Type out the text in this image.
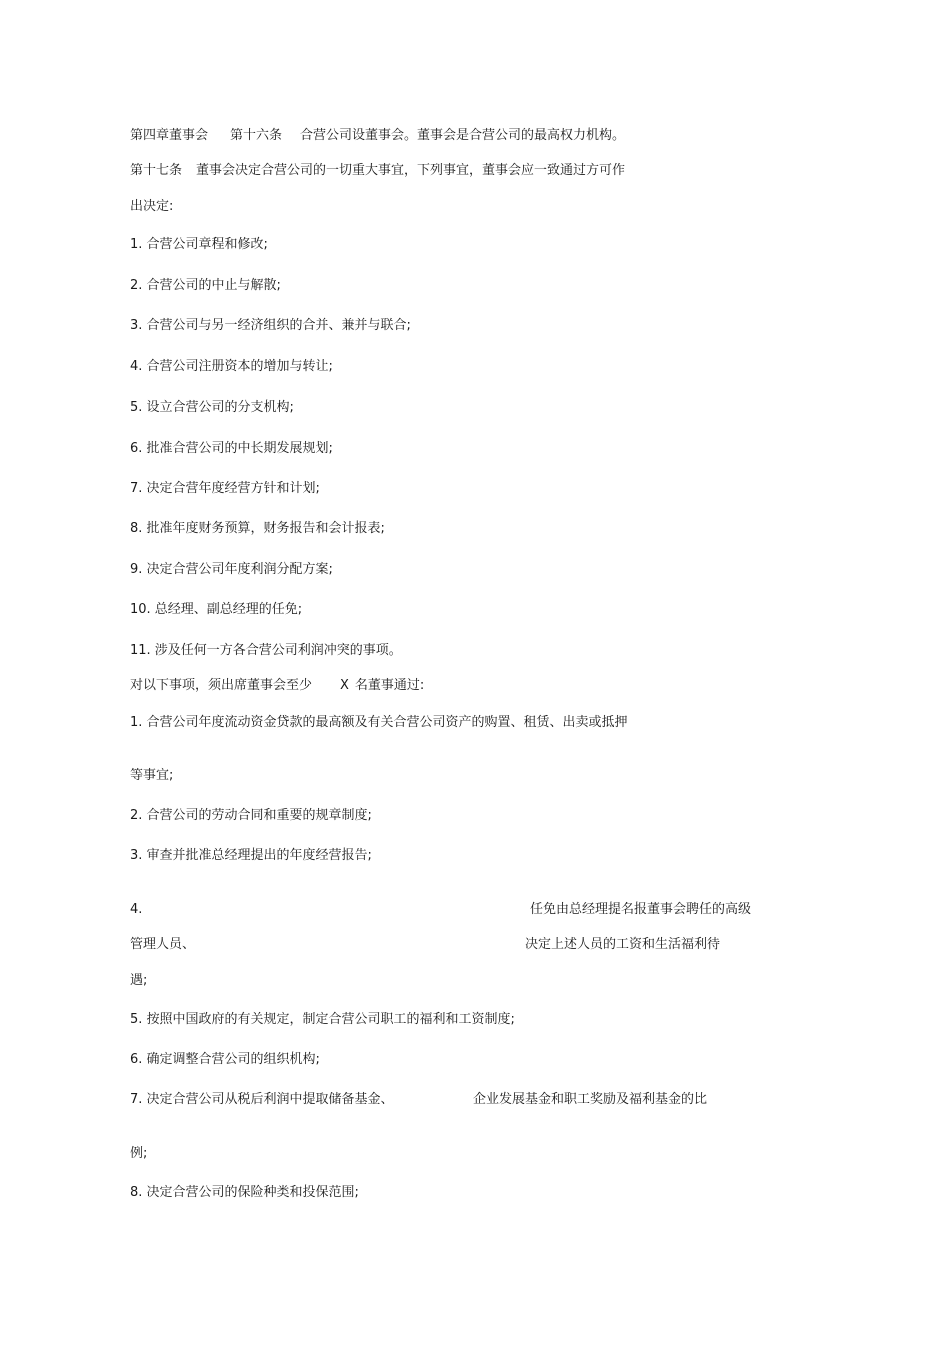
第四章董事会 第十六条 合营公司设董事会。董事会是合营公司的最高权力机构。
第十七条 董事会决定合营公司的一切重大事宜，下列事宜，董事会应一致通过方可作
出决定:
1. 合营公司章程和修改;
2. 合营公司的中止与解散;
3. 合营公司与另一经济组织的合并、兼并与联合;
4. 合营公司注册资本的增加与转让;
5. 设立合营公司的分支机构;
6. 批准合营公司的中长期发展规划;
7. 决定合营年度经营方针和计划;
8. 批准年度财务预算，财务报告和会计报表;
9. 决定合营公司年度利润分配方案;
10. 总经理、副总经理的任免;
11. 涉及任何一方各合营公司利润冲突的事项。
对以下事项，须出席董事会至少 X 名董事通过:
1. 合营公司年度流动资金贷款的最高额及有关合营公司资产的购置、租赁、出卖或抵押
等事宜;
2. 合营公司的劳动合同和重要的规章制度;
3. 审查并批准总经理提出的年度经营报告;
4.	任免由总经理提名报董事会聘任的高级
管理人员、	决定上述人员的工资和生活福利待
遇;
5. 按照中国政府的有关规定，制定合营公司职工的福利和工资制度;
6. 确定调整合营公司的组织机构;
7. 决定合营公司从税后利润中提取储备基金、	企业发展基金和职工奖励及福利基金的比
例;
8. 决定合营公司的保险种类和投保范围;
